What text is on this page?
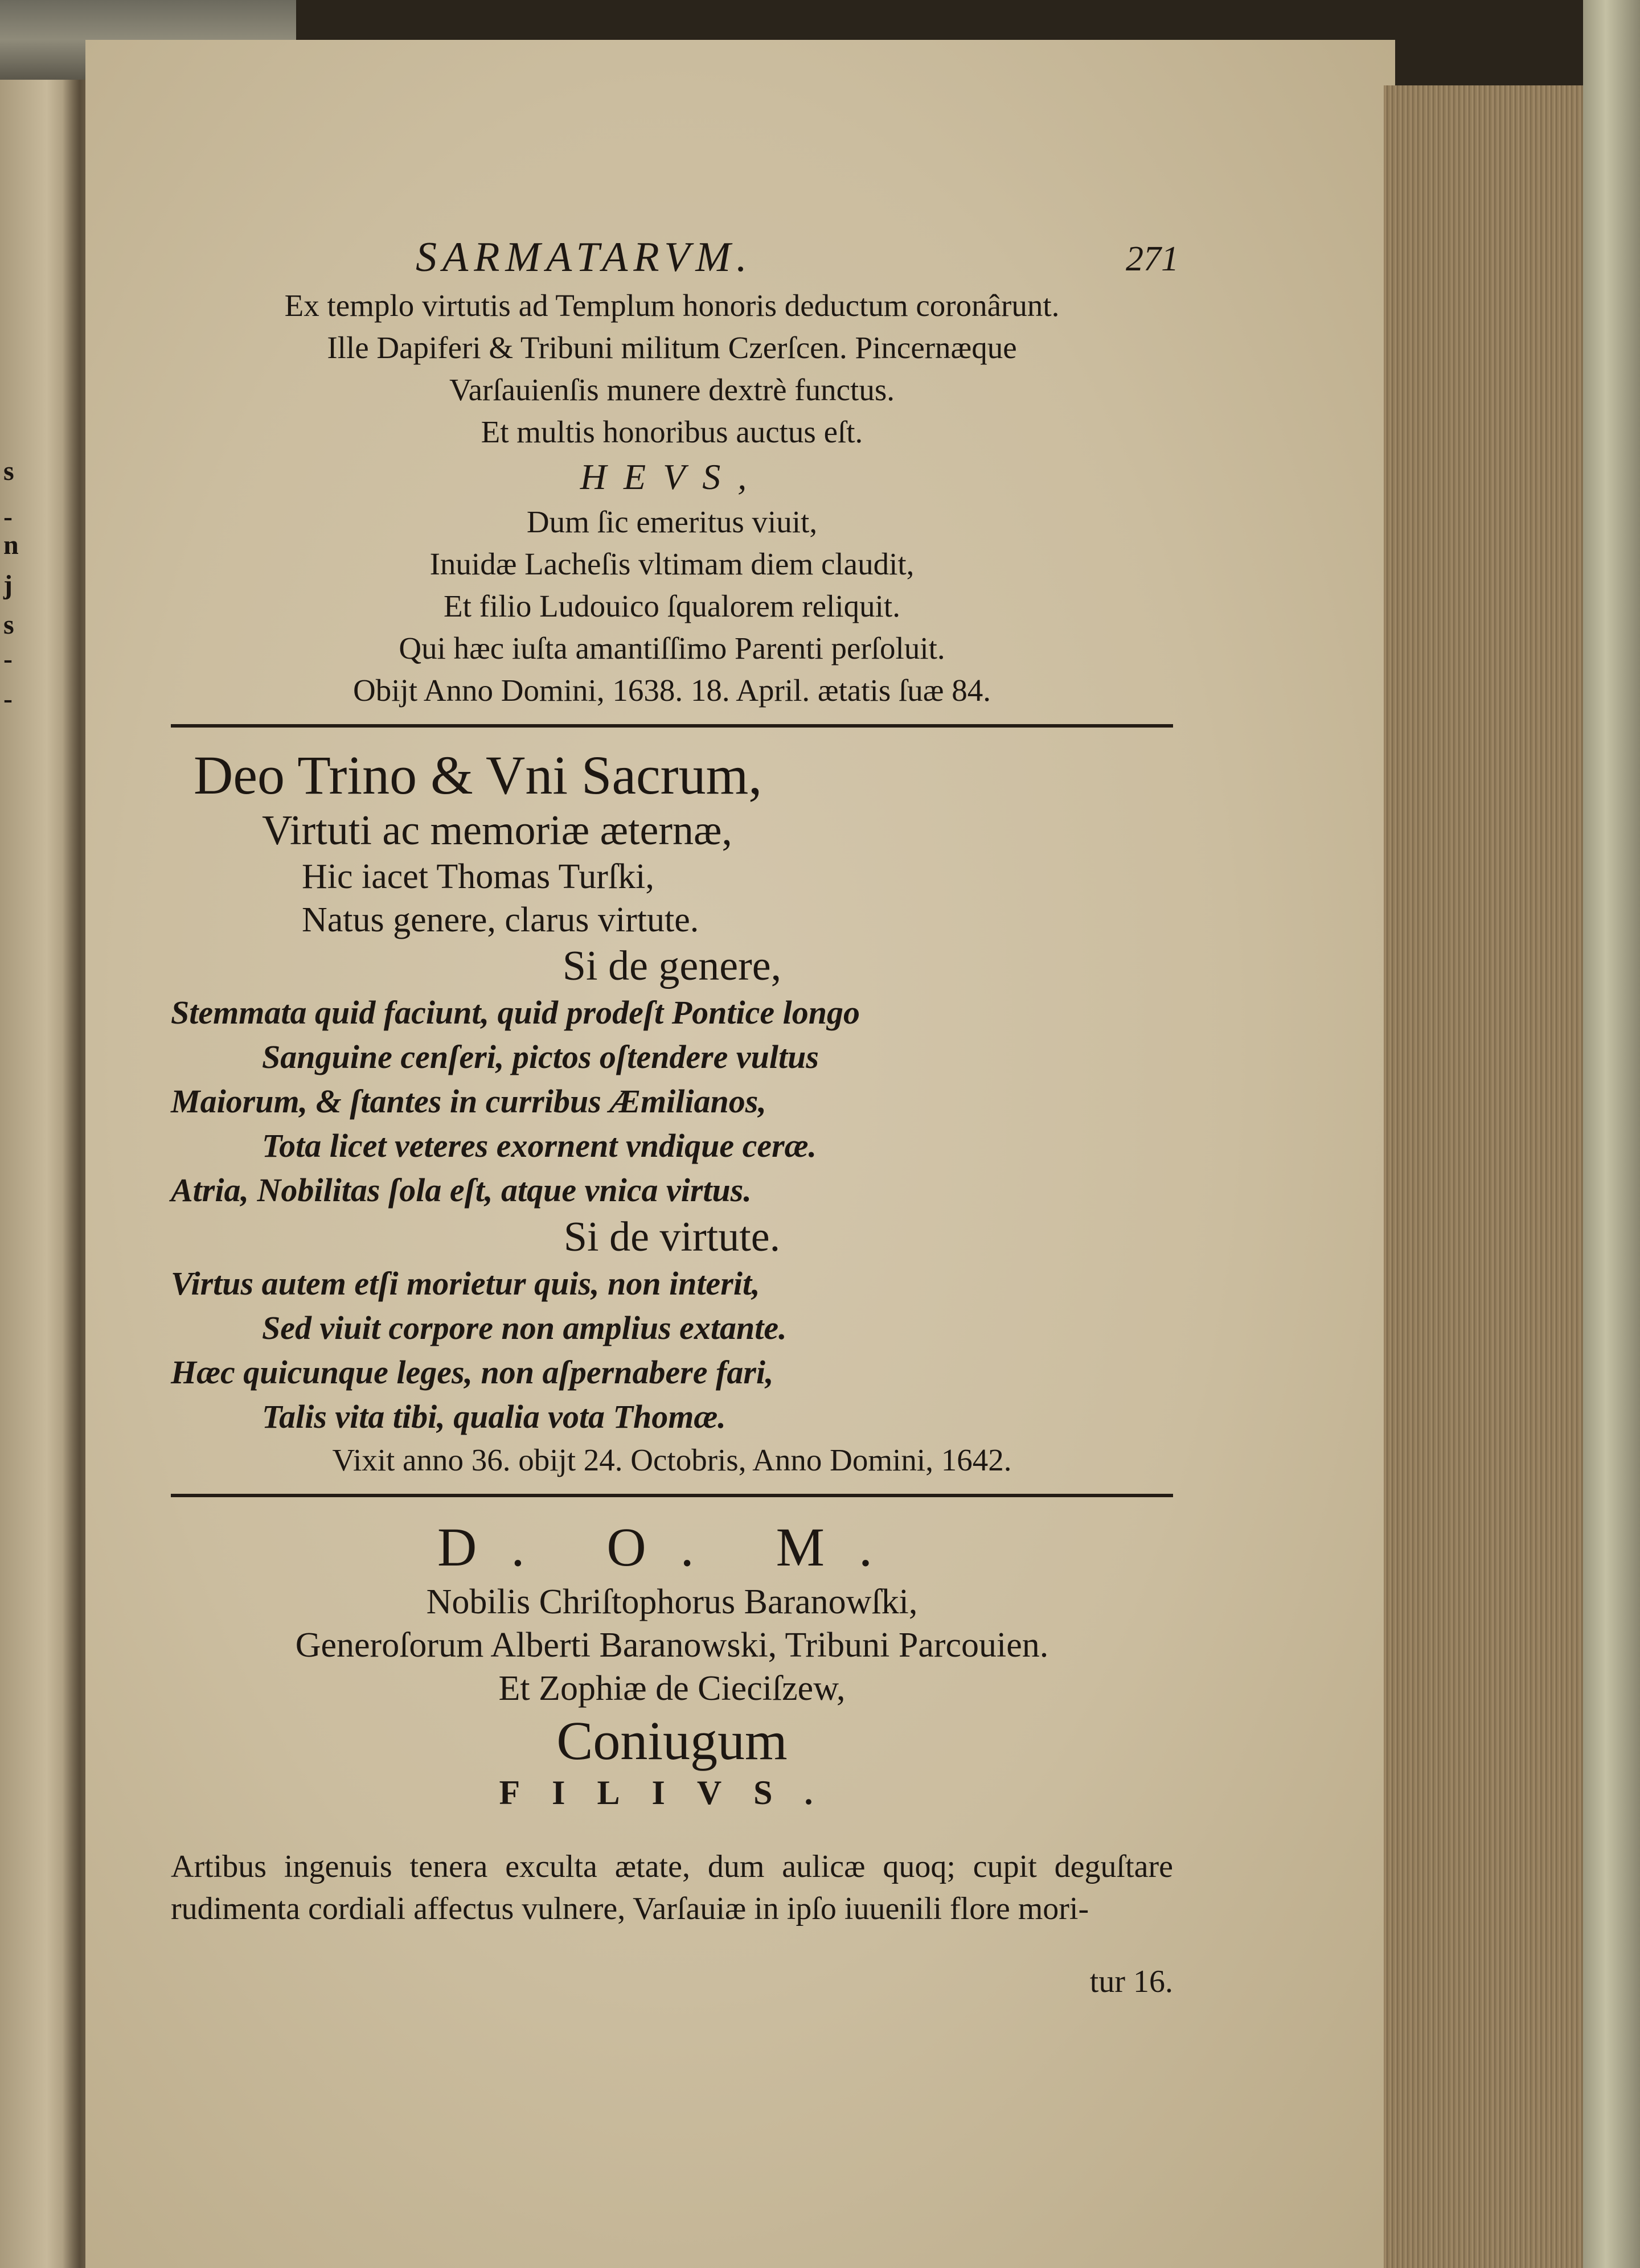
s
-
n
j
s
-
-
SARMATARVM.	271
Ex templo virtutis ad Templum honoris deductum coronârunt.
Ille Dapiferi & Tribuni militum Czerſcen. Pincernæque
Varſauienſis munere dextrè functus.
Et multis honoribus auctus eſt.
HEVS,
Dum ſic emeritus viuit,
Inuidæ Lacheſis vltimam diem claudit,
Et filio Ludouico ſqualorem reliquit.
Qui hæc iuſta amantiſſimo Parenti perſoluit.
Obijt Anno Domini, 1638. 18. April. ætatis ſuæ 84.
Deo Trino & Vni Sacrum,
Virtuti ac memoriæ æternæ,
Hic iacet Thomas Turſki,
Natus genere, clarus virtute.
Si de genere,
Stemmata quid faciunt, quid prodeſt Pontice longo
Sanguine cenſeri, pictos oſtendere vultus
Maiorum, & ſtantes in curribus Æmilianos,
Tota licet veteres exornent vndique ceræ.
Atria, Nobilitas ſola eſt, atque vnica virtus.
Si de virtute.
Virtus autem etſi morietur quis, non interit,
Sed viuit corpore non amplius extante.
Hæc quicunque leges, non aſpernabere fari,
Talis vita tibi, qualia vota Thomæ.
Vixit anno 36. obijt 24. Octobris, Anno Domini, 1642.
D. O. M.
Nobilis Chriſtophorus Baranowſki,
Generoſorum Alberti Baranowski, Tribuni Parcouien.
Et Zophiæ de Cieciſzew,
Coniugum
FILIVS.

Artibus ingenuis tenera exculta ætate, dum aulicæ quoq; cupit deguſtare rudimenta cordiali affectus vulnere, Varſauiæ in ipſo iuuenili flore mori-

tur 16.
